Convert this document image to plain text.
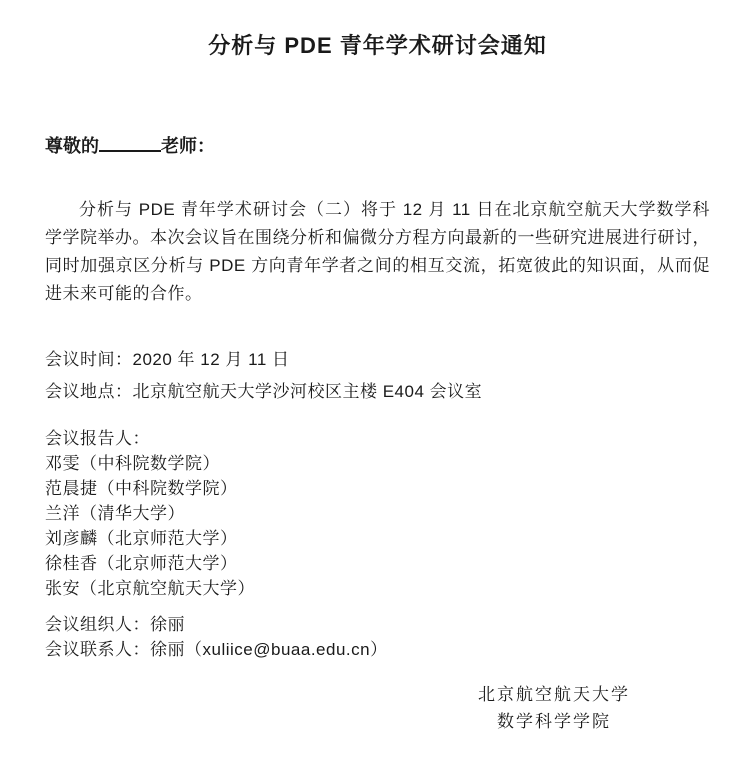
分析与 PDE 青年学术研讨会通知
尊敬的	老师：

分析与 PDE 青年学术研讨会（二）将于 12 月 11 日在北京航空航天大学数学科学学院举办。本次会议旨在围绕分析和偏微分方程方向最新的一些研究进展进行研讨，同时加强京区分析与 PDE 方向青年学者之间的相互交流，拓宽彼此的知识面，从而促进未来可能的合作。

会议时间：2020 年 12 月 11 日
会议地点：北京航空航天大学沙河校区主楼 E404 会议室
会议报告人：
邓雯（中科院数学院）
范晨捷（中科院数学院）
兰洋（清华大学）
刘彦麟（北京师范大学）
徐桂香（北京师范大学）
张安（北京航空航天大学）
会议组织人：徐丽
会议联系人：徐丽（xuliice@buaa.edu.cn）
北京航空航天大学
数学科学学院
